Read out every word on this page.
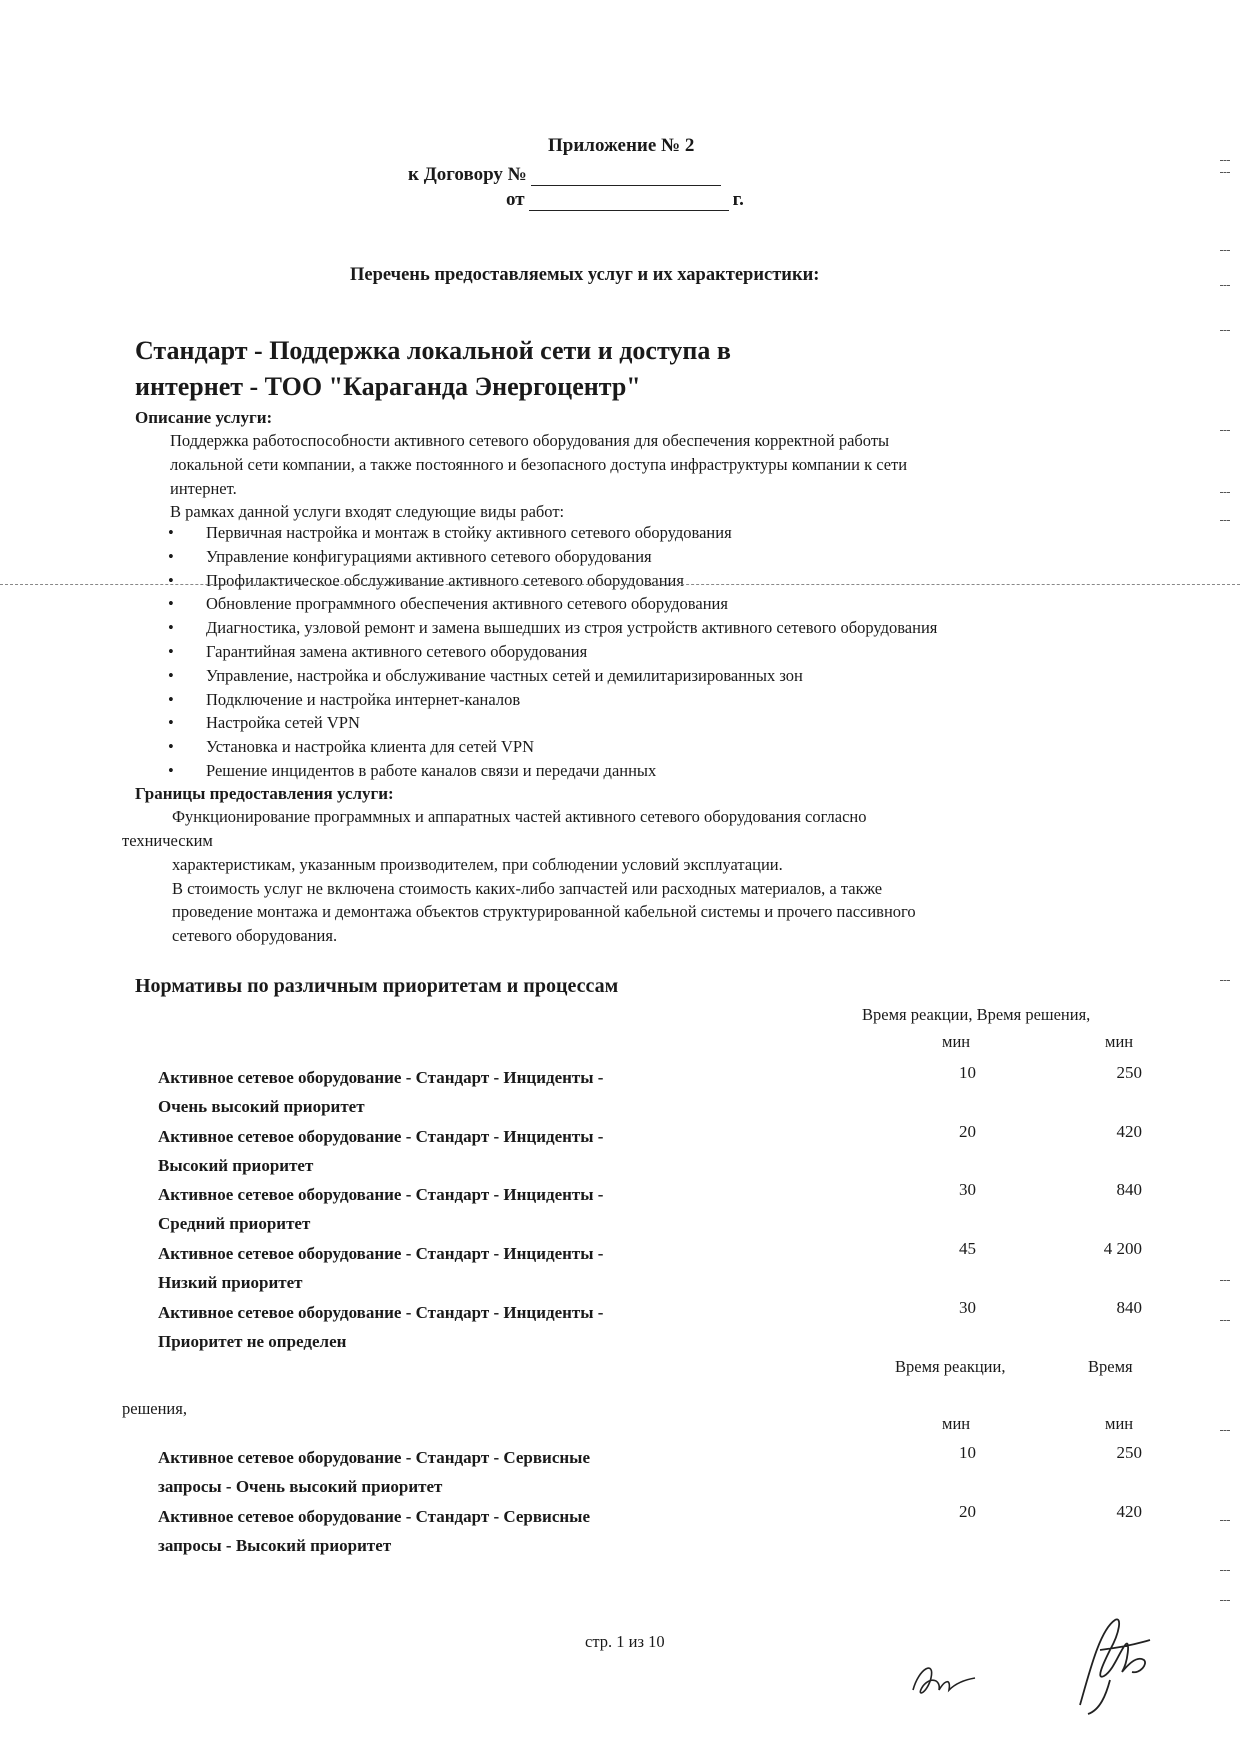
Приложение № 2
к Договору №
от	г.
Перечень предоставляемых услуг и их характеристики:
Стандарт - Поддержка локальной сети и доступа в
интернет - ТОО "Караганда Энергоцентр"
Описание услуги:
Поддержка работоспособности активного сетевого оборудования для обеспечения корректной работы
локальной сети компании, а также постоянного и безопасного доступа инфраструктуры компании к сети
интернет.
В рамках данной услуги входят следующие виды работ:
• Первичная настройка и монтаж в стойку активного сетевого оборудования
• Управление конфигурациями активного сетевого оборудования
• Профилактическое обслуживание активного сетевого оборудования
• Обновление программного обеспечения активного сетевого оборудования
• Диагностика, узловой ремонт и замена вышедших из строя устройств активного сетевого оборудования
• Гарантийная замена активного сетевого оборудования
• Управление, настройка и обслуживание частных сетей и демилитаризированных зон
• Подключение и настройка интернет-каналов
• Настройка сетей VPN
• Установка и настройка клиента для сетей VPN
• Решение инцидентов в работе каналов связи и передачи данных
Границы предоставления услуги:
Функционирование программных и аппаратных частей активного сетевого оборудования согласно
техническим
характеристикам, указанным производителем, при соблюдении условий эксплуатации.
В стоимость услуг не включена стоимость каких-либо запчастей или расходных материалов, а также
проведение монтажа и демонтажа объектов структурированной кабельной системы и прочего пассивного
сетевого оборудования.
Нормативы по различным приоритетам и процессам
Время реакции, Время решения,
мин	мин
Активное сетевое оборудование - Стандарт - Инциденты -
Очень высокий приоритет
10	250
Активное сетевое оборудование - Стандарт - Инциденты -
Высокий приоритет
20	420
Активное сетевое оборудование - Стандарт - Инциденты -
Средний приоритет
30	840
Активное сетевое оборудование - Стандарт - Инциденты -
Низкий приоритет
45	4 200
Активное сетевое оборудование - Стандарт - Инциденты -
Приоритет не определен
30	840
Время реакции,	Время
решения,
мин	мин
Активное сетевое оборудование - Стандарт - Сервисные
запросы - Очень высокий приоритет
10	250
Активное сетевое оборудование - Стандарт - Сервисные
запросы - Высокий приоритет
20	420
стр. 1 из 10
